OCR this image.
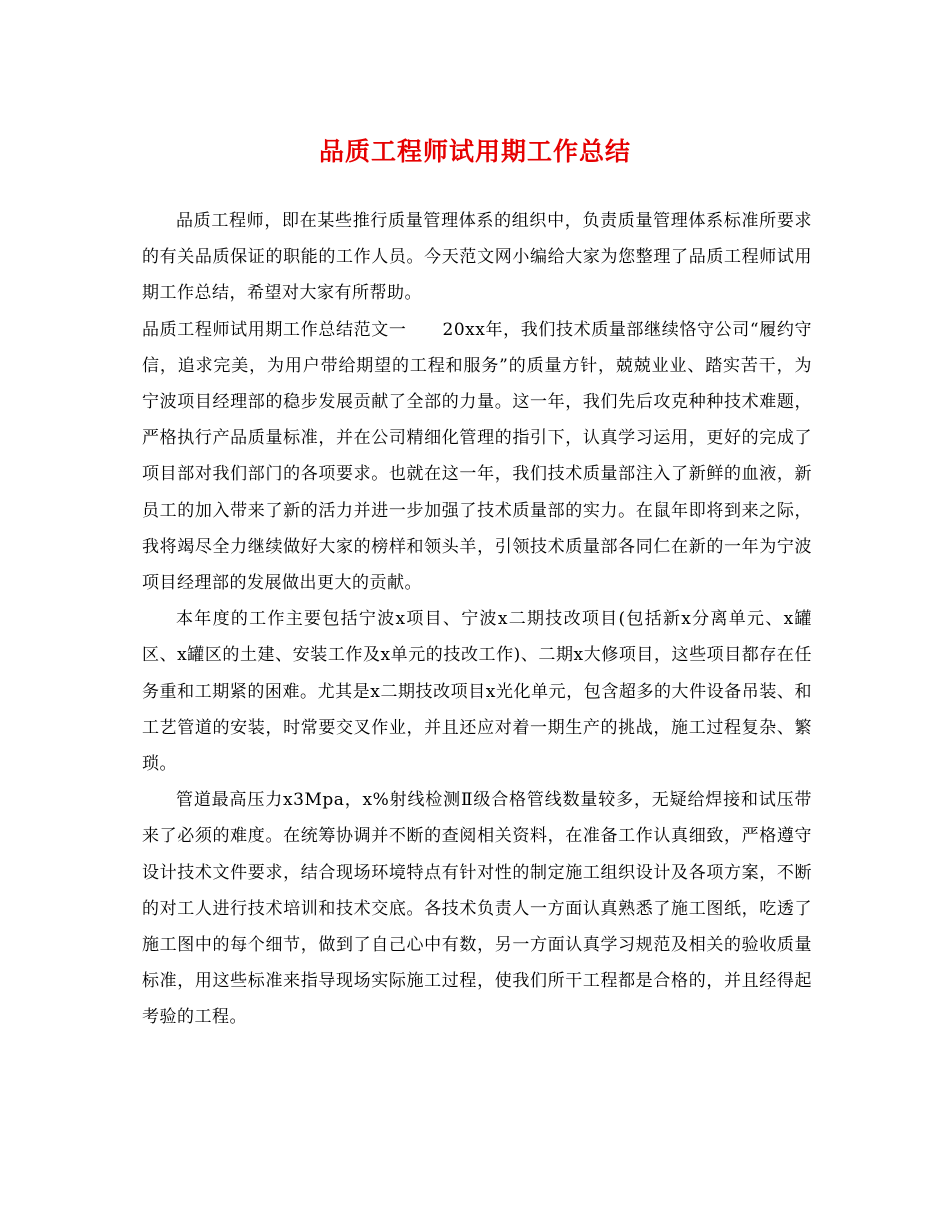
品质工程师试用期工作总结

品质工程师，即在某些推行质量管理体系的组织中，负责质量管理体系标准所要求的有关品质保证的职能的工作人员。今天范文网小编给大家为您整理了品质工程师试用期工作总结，希望对大家有所帮助。

品质工程师试用期工作总结范文一 20xx年，我们技术质量部继续恪守公司“履约守信，追求完美，为用户带给期望的工程和服务”的质量方针，兢兢业业、踏实苦干，为宁波项目经理部的稳步发展贡献了全部的力量。这一年，我们先后攻克种种技术难题，严格执行产品质量标准，并在公司精细化管理的指引下，认真学习运用，更好的完成了项目部对我们部门的各项要求。也就在这一年，我们技术质量部注入了新鲜的血液，新员工的加入带来了新的活力并进一步加强了技术质量部的实力。在鼠年即将到来之际，我将竭尽全力继续做好大家的榜样和领头羊，引领技术质量部各同仁在新的一年为宁波项目经理部的发展做出更大的贡献。

本年度的工作主要包括宁波x项目、宁波x二期技改项目(包括新x分离单元、x罐区、x罐区的土建、安装工作及x单元的技改工作)、二期x大修项目，这些项目都存在任务重和工期紧的困难。尤其是x二期技改项目x光化单元，包含超多的大件设备吊装、和工艺管道的安装，时常要交叉作业，并且还应对着一期生产的挑战，施工过程复杂、繁琐。

管道最高压力x3Mpa，x%射线检测Ⅱ级合格管线数量较多，无疑给焊接和试压带来了必须的难度。在统筹协调并不断的查阅相关资料，在准备工作认真细致，严格遵守设计技术文件要求，结合现场环境特点有针对性的制定施工组织设计及各项方案，不断的对工人进行技术培训和技术交底。各技术负责人一方面认真熟悉了施工图纸，吃透了施工图中的每个细节，做到了自己心中有数，另一方面认真学习规范及相关的验收质量标准，用这些标准来指导现场实际施工过程，使我们所干工程都是合格的，并且经得起考验的工程。
